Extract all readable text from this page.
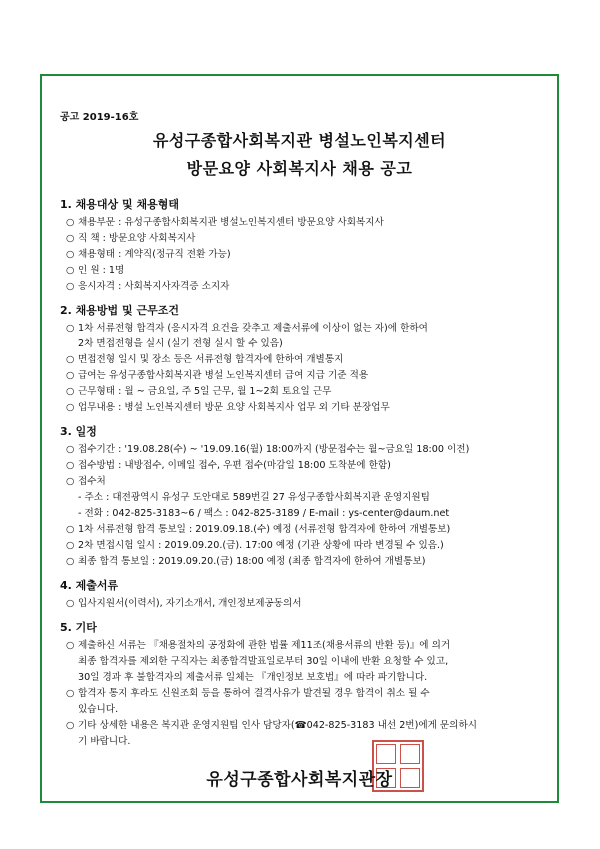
공고 2019-16호
유성구종합사회복지관 병설노인복지센터
방문요양 사회복지사 채용 공고
1. 채용대상 및 채용형태
○ 채용부문 : 유성구종합사회복지관 병설노인복지센터 방문요양 사회복지사
○ 직 책 : 방문요양 사회복지사
○ 채용형태 : 계약직(정규직 전환 가능)
○ 인 원 : 1명
○ 응시자격 : 사회복지사자격증 소지자
2. 채용방법 및 근무조건
○ 1차 서류전형 합격자 (응시자격 요건을 갖추고 제출서류에 이상이 없는 자)에 한하여
2차 면접전형을 실시 (실기 전형 실시 할 수 있음)
○ 면접전형 일시 및 장소 등은 서류전형 합격자에 한하여 개별통지
○ 급여는 유성구종합사회복지관 병설 노인복지센터 급여 지급 기준 적용
○ 근무형태 : 월 ~ 금요일, 주 5일 근무, 월 1~2회 토요일 근무
○ 업무내용 : 병설 노인복지센터 방문 요양 사회복지사 업무 외 기타 분장업무
3. 일정
○ 접수기간 : '19.08.28(수) ~ '19.09.16(월) 18:00까지 (방문접수는 월~금요일 18:00 이전)
○ 접수방법 : 내방접수, 이메일 접수, 우편 접수(마감일 18:00 도착분에 한함)
○ 접수처
- 주소 : 대전광역시 유성구 도안대로 589번길 27 유성구종합사회복지관 운영지원팀
- 전화 : 042-825-3183~6 / 팩스 : 042-825-3189 / E-mail : ys-center@daum.net
○ 1차 서류전형 합격 통보일 : 2019.09.18.(수) 예정 (서류전형 합격자에 한하여 개별통보)
○ 2차 면접시험 일시 : 2019.09.20.(금). 17:00 예정 (기관 상황에 따라 변경될 수 있음.)
○ 최종 합격 통보일 : 2019.09.20.(금) 18:00 예정 (최종 합격자에 한하여 개별통보)
4. 제출서류
○ 입사지원서(이력서), 자기소개서, 개인정보제공동의서
5. 기타
○ 제출하신 서류는 『채용절차의 공정화에 관한 법률 제11조(채용서류의 반환 등)』에 의거
최종 합격자를 제외한 구직자는 최종합격발표일로부터 30일 이내에 반환 요청할 수 있고,
30일 경과 후 불합격자의 제출서류 일체는 『개인정보 보호법』에 따라 파기합니다.
○ 합격자 통지 후라도 신원조회 등을 통하여 결격사유가 발견될 경우 합격이 취소 될 수
있습니다.
○ 기타 상세한 내용은 복지관 운영지원팀 인사 담당자(☎042-825-3183 내선 2번)에게 문의하시
기 바랍니다.
유성구종합사회복지관장
